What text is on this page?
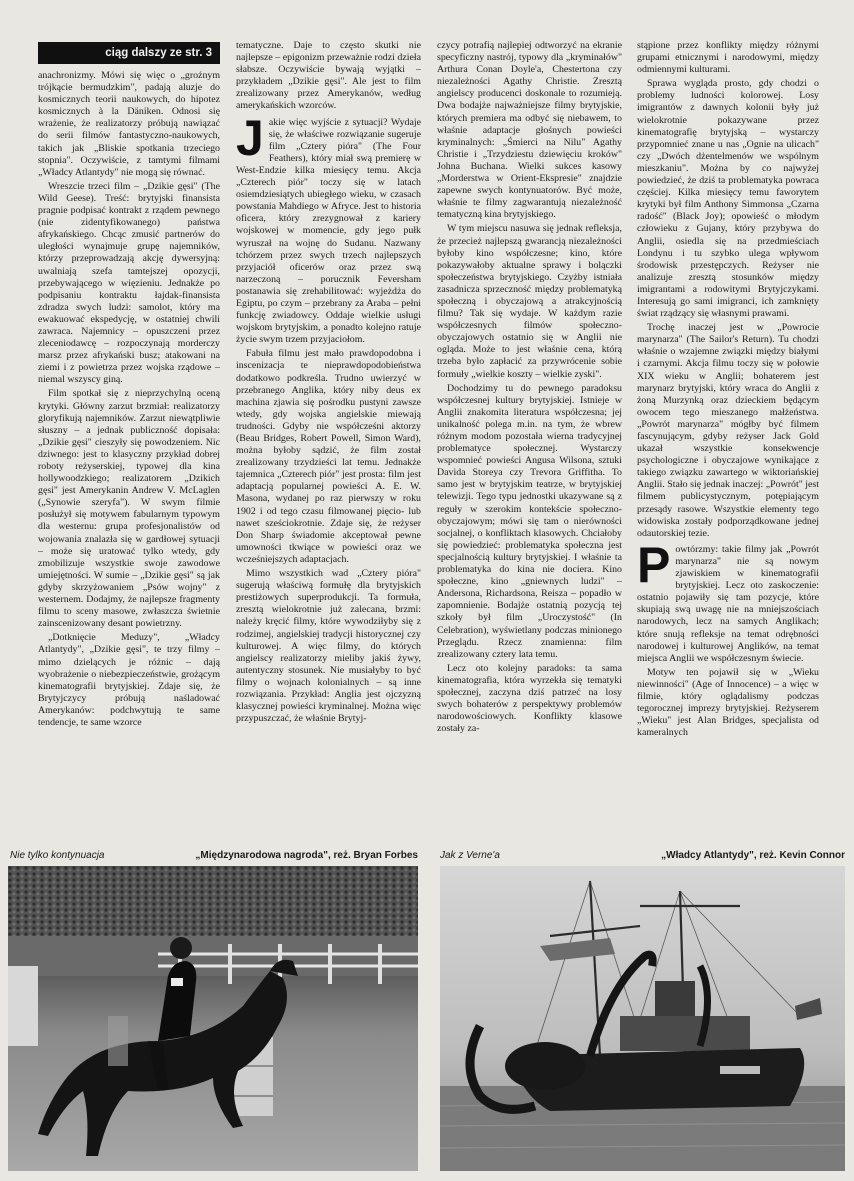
ciąg dalszy ze str. 3

anachronizmy. Mówi się więc o „groźnym trójkącie bermudzkim", padają aluzje do kosmicznych teorii naukowych, do hipotez kosmicznych à la Däniken. Odnosi się wrażenie, że realizatorzy próbują nawiązać do serii filmów fantastyczno-naukowych, takich jak „Bliskie spotkania trzeciego stopnia". Oczywiście, z tamtymi filmami „Władcy Atlantydy" nie mogą się równać.

Wreszcie trzeci film – „Dzikie gęsi" (The Wild Geese). Treść: brytyjski finansista pragnie podpisać kontrakt z rządem pewnego (nie zidentyfikowanego) państwa afrykańskiego. Chcąc zmusić partnerów do uległości wynajmuje grupę najemników, którzy przeprowadzają akcję dywersyjną: uwalniają szefa tamtejszej opozycji, przebywającego w więzieniu. Jednakże po podpisaniu kontraktu łajdak-finansista zdradza swych ludzi: samolot, który ma ewakuować ekspedycję, w ostatniej chwili zawraca. Najemnicy – opuszczeni przez zleceniodawcę – rozpoczynają morderczy marsz przez afrykański busz; atakowani na ziemi i z powietrza przez wojska rządowe – niemal wszyscy giną.

Film spotkał się z nieprzychylną oceną krytyki. Główny zarzut brzmiał: realizatorzy gloryfikują najemników. Zarzut niewątpliwie słuszny – a jednak publiczność dopisała: „Dzikie gęsi" cieszyły się powodzeniem. Nic dziwnego: jest to klasyczny przykład dobrej roboty reżyserskiej, typowej dla kina hollywoodzkiego; realizatorem „Dzikich gęsi" jest Amerykanin Andrew V. McLaglen („Synowie szeryfa"). W swym filmie posłużył się motywem fabularnym typowym dla westernu: grupa profesjonalistów od wojowania znalazła się w gardłowej sytuacji – może się uratować tylko wtedy, gdy zmobilizuje wszystkie swoje zawodowe umiejętności. W sumie – „Dzikie gęsi" są jak gdyby skrzyżowaniem „Psów wojny" z westernem. Dodajmy, że najlepsze fragmenty filmu to sceny masowe, zwłaszcza świetnie zainscenizowany desant powietrzny.

„Dotknięcie Meduzy", „Władcy Atlantydy", „Dzikie gęsi", te trzy filmy – mimo dzielących je różnic – dają wyobrażenie o niebezpieczeństwie, grożącym kinematografii brytyjskiej. Zdaje się, że Brytyjczycy próbują naśladować Amerykanów: podchwytują te same tendencje, te same wzorce

tematyczne. Daje to często skutki nie najlepsze – epigonizm przeważnie rodzi dzieła słabsze. Oczywiście bywają wyjątki – przykładem „Dzikie gęsi". Ale jest to film zrealizowany przez Amerykanów, według amerykańskich wzorców.

Jakie więc wyjście z sytuacji? Wydaje się, że właściwe rozwiązanie sugeruje film „Cztery pióra" (The Four Feathers), który miał swą premierę w West-Endzie kilka miesięcy temu. Akcja „Czterech piór" toczy się w latach osiemdziesiątych ubiegłego wieku, w czasach powstania Mahdiego w Afryce. Jest to historia oficera, który zrezygnował z kariery wojskowej w momencie, gdy jego pułk wyruszał na wojnę do Sudanu. Nazwany tchórzem przez swych trzech najlepszych przyjaciół oficerów oraz przez swą narzeczoną – porucznik Feversham postanawia się zrehabilitować: wyjeżdża do Egiptu, po czym – przebrany za Araba – pełni funkcję zwiadowcy. Oddaje wielkie usługi wojskom brytyjskim, a ponadto kolejno ratuje życie swym trzem przyjaciołom.

Fabuła filmu jest mało prawdopodobna i inscenizacja te nieprawdopodobieństwa dodatkowo podkreśla. Trudno uwierzyć w przebranego Anglika, który niby deus ex machina zjawia się pośrodku pustyni zawsze wtedy, gdy wojska angielskie miewają trudności. Gdyby nie współcześni aktorzy (Beau Bridges, Robert Powell, Simon Ward), można byłoby sądzić, że film został zrealizowany trzydzieści lat temu. Jednakże tajemnica „Czterech piór" jest prosta: film jest adaptacją popularnej powieści A. E. W. Masona, wydanej po raz pierwszy w roku 1902 i od tego czasu filmowanej pięcio- lub nawet sześciokrotnie. Zdaje się, że reżyser Don Sharp świadomie akceptował pewne umowności tkwiące w powieści oraz we wcześniejszych adaptacjach.

Mimo wszystkich wad „Cztery pióra" sugerują właściwą formułę dla brytyjskich prestiżowych superprodukcji. Ta formuła, zresztą wielokrotnie już zalecana, brzmi: należy kręcić filmy, które wywodziłyby się z rodzimej, angielskiej tradycji historycznej czy kulturowej. A więc filmy, do których angielscy realizatorzy mieliby jakiś żywy, autentyczny stosunek. Nie musiałyby to być filmy o wojnach kolonialnych – są inne rozwiązania. Przykład: Anglia jest ojczyzną klasycznej powieści kryminalnej. Można więc przypuszczać, że właśnie Brytyj-

czycy potrafią najlepiej odtworzyć na ekranie specyficzny nastrój, typowy dla „kryminałów" Arthura Conan Doyle'a, Chestertona czy niezależności Agathy Christie. Zresztą angielscy producenci doskonale to rozumieją. Dwa bodajże najważniejsze filmy brytyjskie, których premiera ma odbyć się niebawem, to właśnie adaptacje głośnych powieści kryminalnych: „Śmierci na Nilu" Agathy Christie i „Trzydziestu dziewięciu kroków" Johna Buchana. Wielki sukces kasowy „Morderstwa w Orient-Ekspresie" znajdzie zapewne swych kontynuatorów. Być może, właśnie te filmy zagwarantują niezależność tematyczną kina brytyjskiego.

W tym miejscu nasuwa się jednak refleksja, że przecież najlepszą gwarancją niezależności byłoby kino współczesne; kino, które pokazywałoby aktualne sprawy i bolączki społeczeństwa brytyjskiego. Czyżby istniała zasadnicza sprzeczność między problematyką społeczną i obyczajową a atrakcyjnością filmu? Tak się wydaje. W każdym razie współczesnych filmów społeczno-obyczajowych ostatnio się w Anglii nie ogląda. Może to jest właśnie cena, którą trzeba było zapłacić za przywrócenie sobie formuły „wielkie koszty – wielkie zyski".

Dochodzimy tu do pewnego paradoksu współczesnej kultury brytyjskiej. Istnieje w Anglii znakomita literatura współczesna; jej unikalność polega m.in. na tym, że wbrew różnym modom pozostała wierna tradycyjnej problematyce społecznej. Wystarczy wspomnieć powieści Angusa Wilsona, sztuki Davida Storeya czy Trevora Griffitha. To samo jest w brytyjskim teatrze, w brytyjskiej telewizji. Tego typu jednostki ukazywane są z reguły w szerokim kontekście społeczno-obyczajowym; mówi się tam o nierówności socjalnej, o konfliktach klasowych. Chciałoby się powiedzieć: problematyka społeczna jest specjalnością kultury brytyjskiej. I właśnie ta problematyka do kina nie dociera. Kino społeczne, kino „gniewnych ludzi" – Andersona, Richardsona, Reisza – popadło w zapomnienie. Bodajże ostatnią pozycją tej szkoły był film „Uroczystość" (In Celebration), wyświetlany podczas minionego Przeglądu. Rzecz znamienna: film zrealizowany cztery lata temu.

Lecz oto kolejny paradoks: ta sama kinematografia, która wyrzekła się tematyki społecznej, zaczyna dziś patrzeć na losy swych bohaterów z perspektywy problemów narodowościowych. Konflikty klasowe zostały za-

stąpione przez konflikty między różnymi grupami etnicznymi i narodowymi, między odmiennymi kulturami.

Sprawa wygląda prosto, gdy chodzi o problemy ludności kolorowej. Losy imigrantów z dawnych kolonii były już wielokrotnie pokazywane przez kinematografię brytyjską – wystarczy przypomnieć znane u nas „Ognie na ulicach" czy „Dwóch dżentelmenów we wspólnym mieszkaniu". Można by co najwyżej powiedzieć, że dziś ta problematyka powraca częściej. Kilka miesięcy temu faworytem krytyki był film Anthony Simmonsa „Czarna radość" (Black Joy); opowieść o młodym człowieku z Gujany, który przybywa do Anglii, osiedla się na przedmieściach Londynu i tu szybko ulega wpływom środowisk przestępczych. Reżyser nie analizuje zresztą stosunków między imigrantami a rodowitymi Brytyjczykami. Interesują go sami imigranci, ich zamknięty świat rządzący się własnymi prawami.

Trochę inaczej jest w „Powrocie marynarza" (The Sailor's Return). Tu chodzi właśnie o wzajemne związki między białymi i czarnymi. Akcja filmu toczy się w połowie XIX wieku w Anglii; bohaterem jest marynarz brytyjski, który wraca do Anglii z żoną Murzynką oraz dzieckiem będącym owocem tego mieszanego małżeństwa. „Powrót marynarza" mógłby być filmem fascynującym, gdyby reżyser Jack Gold ukazał wszystkie konsekwencje psychologiczne i obyczajowe wynikające z takiego związku zawartego w wiktoriańskiej Anglii. Stało się jednak inaczej: „Powrót" jest filmem publicystycznym, potępiającym przesądy rasowe. Wszystkie elementy tego widowiska zostały podporządkowane jednej odautorskiej tezie.

Powtórzmy: takie filmy jak „Powrót marynarza" nie są nowym zjawiskiem w kinematografii brytyjskiej. Lecz oto zaskoczenie: ostatnio pojawiły się tam pozycje, które skupiają swą uwagę nie na mniejszościach narodowych, lecz na samych Anglikach; które snują refleksje na temat odrębności narodowej i kulturowej Anglików, na temat miejsca Anglii we współczesnym świecie.

Motyw ten pojawił się w „Wieku niewinności" (Age of Innocence) – a więc w filmie, który oglądalismy podczas tegorocznej imprezy brytyjskiej. Reżyserem „Wieku" jest Alan Bridges, specjalista od kameralnych

Nie tylko kontynuacja	„Międzynarodowa nagroda", reż. Bryan Forbes Jak z Verne'a	„Władcy Atlantydy", reż. Kevin Connor
